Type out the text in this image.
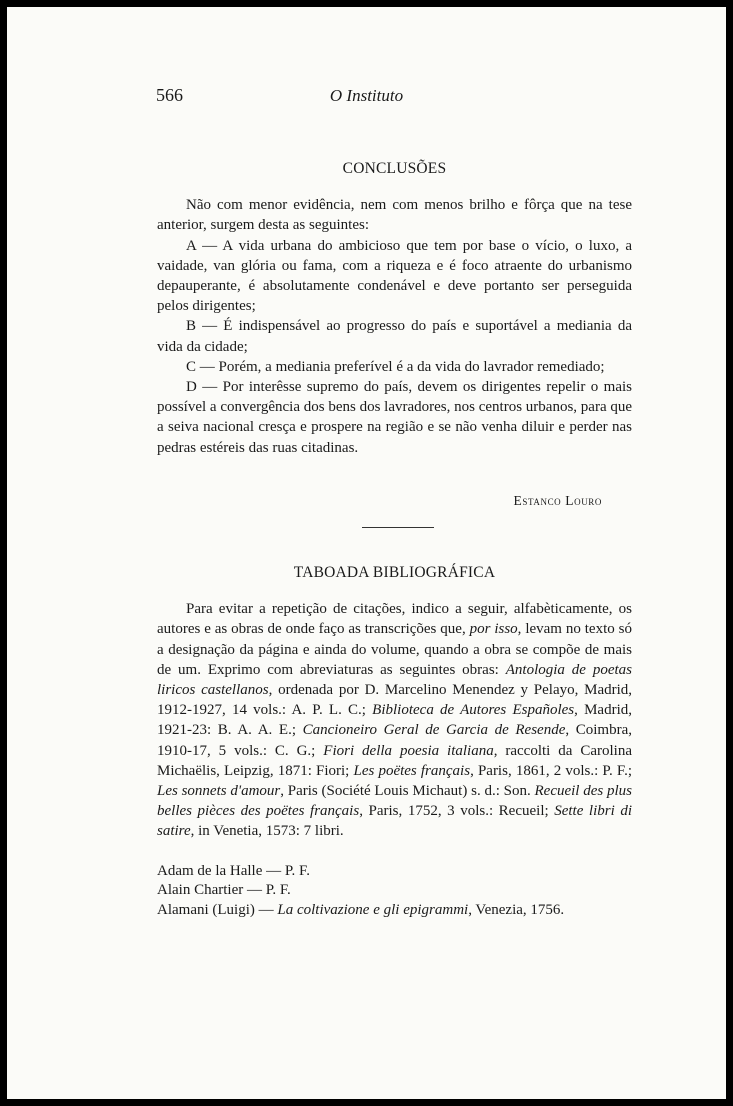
566	O Instituto
CONCLUSÕES

Não com menor evidência, nem com menos brilho e fôrça que na tese anterior, surgem desta as seguintes:

A — A vida urbana do ambicioso que tem por base o vício, o luxo, a vaidade, van glória ou fama, com a riqueza e é foco atraente do urbanismo depauperante, é absolutamente condenável e deve portanto ser perseguida pelos dirigentes;

B — É indispensável ao progresso do país e suportável a mediania da vida da cidade;

C — Porém, a mediania preferível é a da vida do lavrador remediado;

D — Por interêsse supremo do país, devem os dirigentes repelir o mais possível a convergência dos bens dos lavradores, nos centros urbanos, para que a seiva nacional cresça e prospere na região e se não venha diluir e perder nas pedras estéreis das ruas citadinas.

Estanco Louro
TABOADA BIBLIOGRÁFICA

Para evitar a repetição de citações, indico a seguir, alfabèticamente, os autores e as obras de onde faço as transcrições que, por isso, levam no texto só a designação da página e ainda do volume, quando a obra se compõe de mais de um. Exprimo com abreviaturas as seguintes obras: Antologia de poetas liricos castellanos, ordenada por D. Marcelino Menendez y Pelayo, Madrid, 1912-1927, 14 vols.: A. P. L. C.; Biblioteca de Autores Españoles, Madrid, 1921-23: B. A. A. E.; Cancioneiro Geral de Garcia de Resende, Coimbra, 1910-17, 5 vols.: C. G.; Fiori della poesia italiana, raccolti da Carolina Michaëlis, Leipzig, 1871: Fiori; Les poëtes français, Paris, 1861, 2 vols.: P. F.; Les sonnets d'amour, Paris (Société Louis Michaut) s. d.: Son. Recueil des plus belles pièces des poëtes français, Paris, 1752, 3 vols.: Recueil; Sette libri di satire, in Venetia, 1573: 7 libri.

Adam de la Halle — P. F.

Alain Chartier — P. F.

Alamani (Luigi) — La coltivazione e gli epigrammi, Venezia, 1756.
